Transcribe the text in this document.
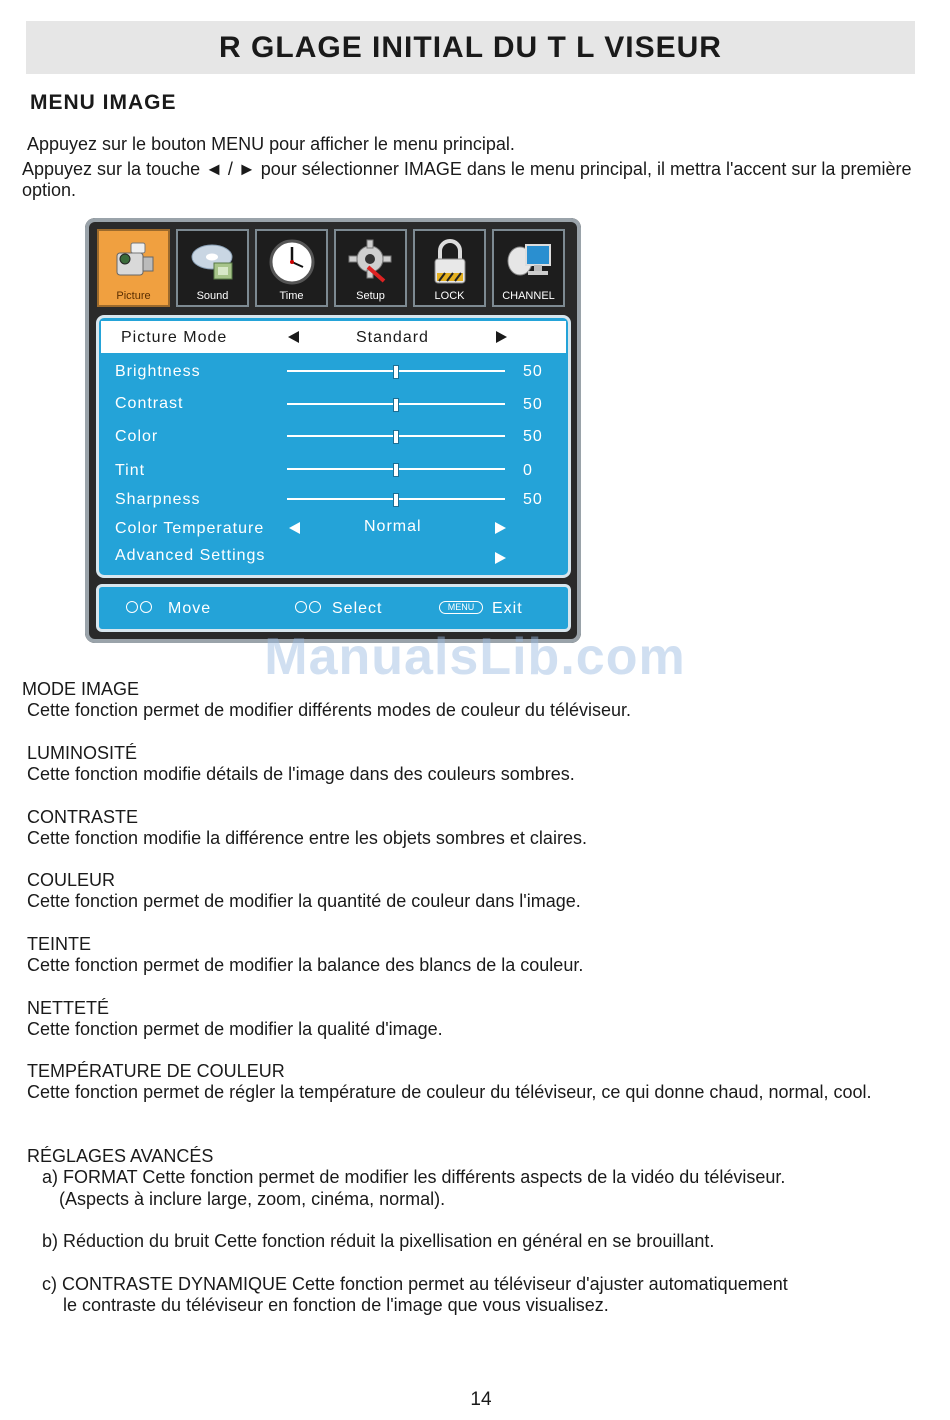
R GLAGE INITIAL DU T L VISEUR
MENU IMAGE
Appuyez sur le bouton MENU pour afficher le menu principal.
Appuyez sur la touche ◄ / ► pour sélectionner IMAGE dans le menu principal, il mettra l'accent sur la première option.
Picture	Sound	Time	Setup	LOCK	CHANNEL
Picture Mode	Standard
Brightness	50
Contrast	50
Color	50
Tint	0
Sharpness	50
Color Temperature	Normal
Advanced Settings
Move	Select	MENU	Exit
ManualsLib.com
MODE IMAGE
Cette fonction permet de modifier différents modes de couleur du téléviseur.
LUMINOSITÉ
Cette fonction modifie détails de l'image dans des couleurs sombres.
CONTRASTE
Cette fonction modifie la différence entre les objets sombres et claires.
COULEUR
Cette fonction permet de modifier la quantité de couleur dans l'image.
TEINTE
Cette fonction permet de modifier la balance des blancs de la couleur.
NETTETÉ
Cette fonction permet de modifier la qualité d'image.
TEMPÉRATURE DE COULEUR
Cette fonction permet de régler la température de couleur du téléviseur, ce qui donne chaud, normal, cool.
RÉGLAGES AVANCÉS
a) FORMAT Cette fonction permet de modifier les différents aspects de la vidéo du téléviseur.
(Aspects à inclure large, zoom, cinéma, normal).
b) Réduction du bruit Cette fonction réduit la pixellisation en général en se brouillant.
c) CONTRASTE DYNAMIQUE Cette fonction permet au téléviseur d'ajuster automatiquement
le contraste du téléviseur en fonction de l'image que vous visualisez.
14
